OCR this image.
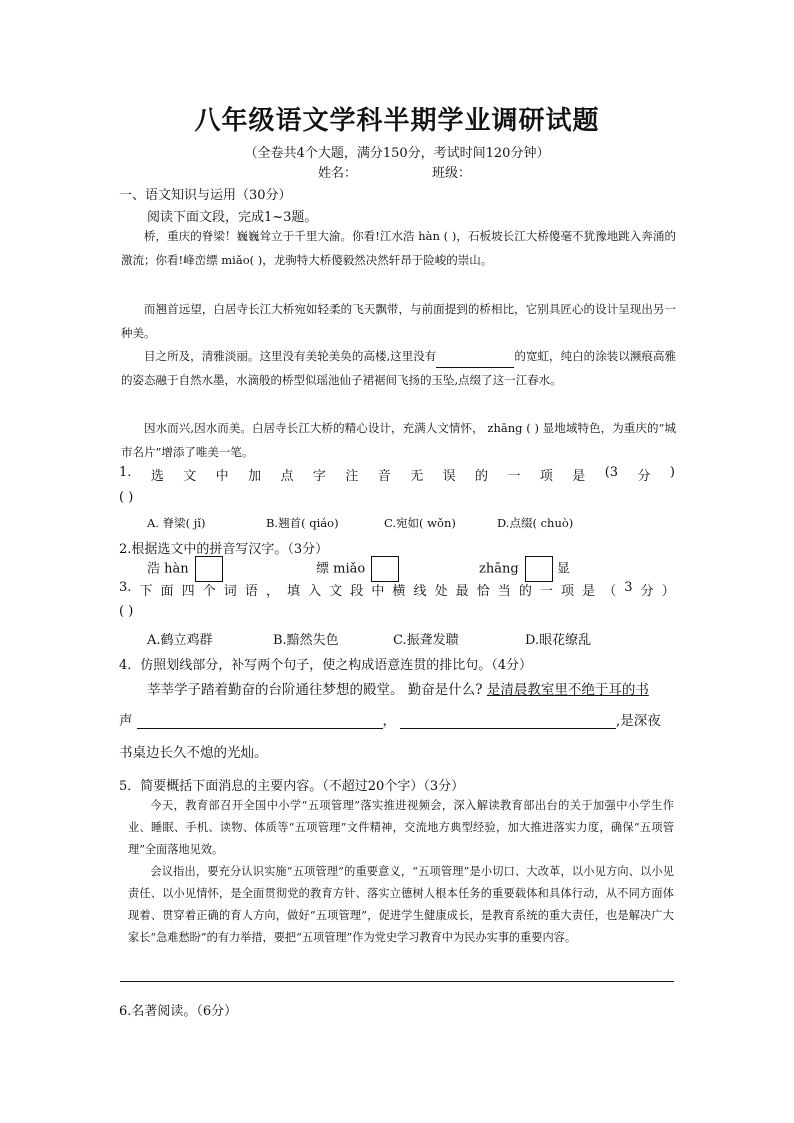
八年级语文学科半期学业调研试题
（全卷共4个大题，满分150分，考试时间120分钟）
姓名：	班级：
一、语文知识与运用（30分）
阅读下面文段，完成1~3题。

桥，重庆的脊梁！巍巍耸立于千里大渝。你看!江水浩 hàn ( )，石板坡长江大桥傻毫不犹豫地跳入奔涌的激流；你看!峰峦缥 miǎo( )，龙驹特大桥傻毅然决然轩昂于险峻的崇山。

而翘首远望，白居寺长江大桥宛如轻柔的飞天飘带，与前面提到的桥相比，它别具匠心的设计呈现出另一种美。

目之所及，清雅淡丽。这里没有美轮美奂的高楼,这里没有	的宽虹，纯白的涂装以濒痕高雅的姿态融于自然水墨，水滴般的桥型似瑶池仙子裙裾间飞扬的玉坠,点缀了这一江春水。

因水而兴,因水而美。白居寺长江大桥的精心设计，充满人文情怀， zhāng ( ) 显地域特色，为重庆的“城市名片”增添了唯美一笔。

1. 选 文 中 加 点 字 注 音 无 误 的 一 项 是 (3 分 )
( )
A. 脊梁( jǐ)	B.翘首( qiáo)	C.宛如( wǒn)	D.点缀( chuò)
2.根据选文中的拼音写汉字。（3分）
浩 hàn	缥 miǎo	zhāng	显
3. 下 面 四 个 词 语 ， 填 入 文 段 中 横 线 处 最 恰 当 的 一 项 是 （ 3 分 ）
( )
A.鹤立鸡群	B.黯然失色	C.振聋发聩	D.眼花缭乱
4．仿照划线部分，补写两个句子，使之构成语意连贯的排比句。（4分）
莘莘学子踏着勤奋的台阶通往梦想的殿堂。 勤奋是什么? 是清晨教室里不绝于耳的书
声	，	,是深夜
书桌边长久不熄的光灿。
5．简要概括下面消息的主要内容。（不超过20个字）（3分）

今天，教育部召开全国中小学“五项管理”落实推进视频会，深入解读教育部出台的关于加强中小学生作业、睡眠、手机、读物、体质等“五项管理”文件精神，交流地方典型经验，加大推进落实力度，确保“五项管理”全面落地见效。

会议指出，要充分认识实施“五项管理”的重要意义，“五项管理”是小切口、大改革，以小见方向、以小见责任、以小见情怀，是全面贯彻党的教育方针、落实立德树人根本任务的重要载体和具体行动，从不同方面体现着、贯穿着正确的育人方向，做好“五项管理”，促进学生健康成长，是教育系统的重大责任，也是解决广大家长“急难愁盼”的有力举措，要把“五项管理”作为党史学习教育中为民办实事的重要内容。

6.名著阅读。（6分）
